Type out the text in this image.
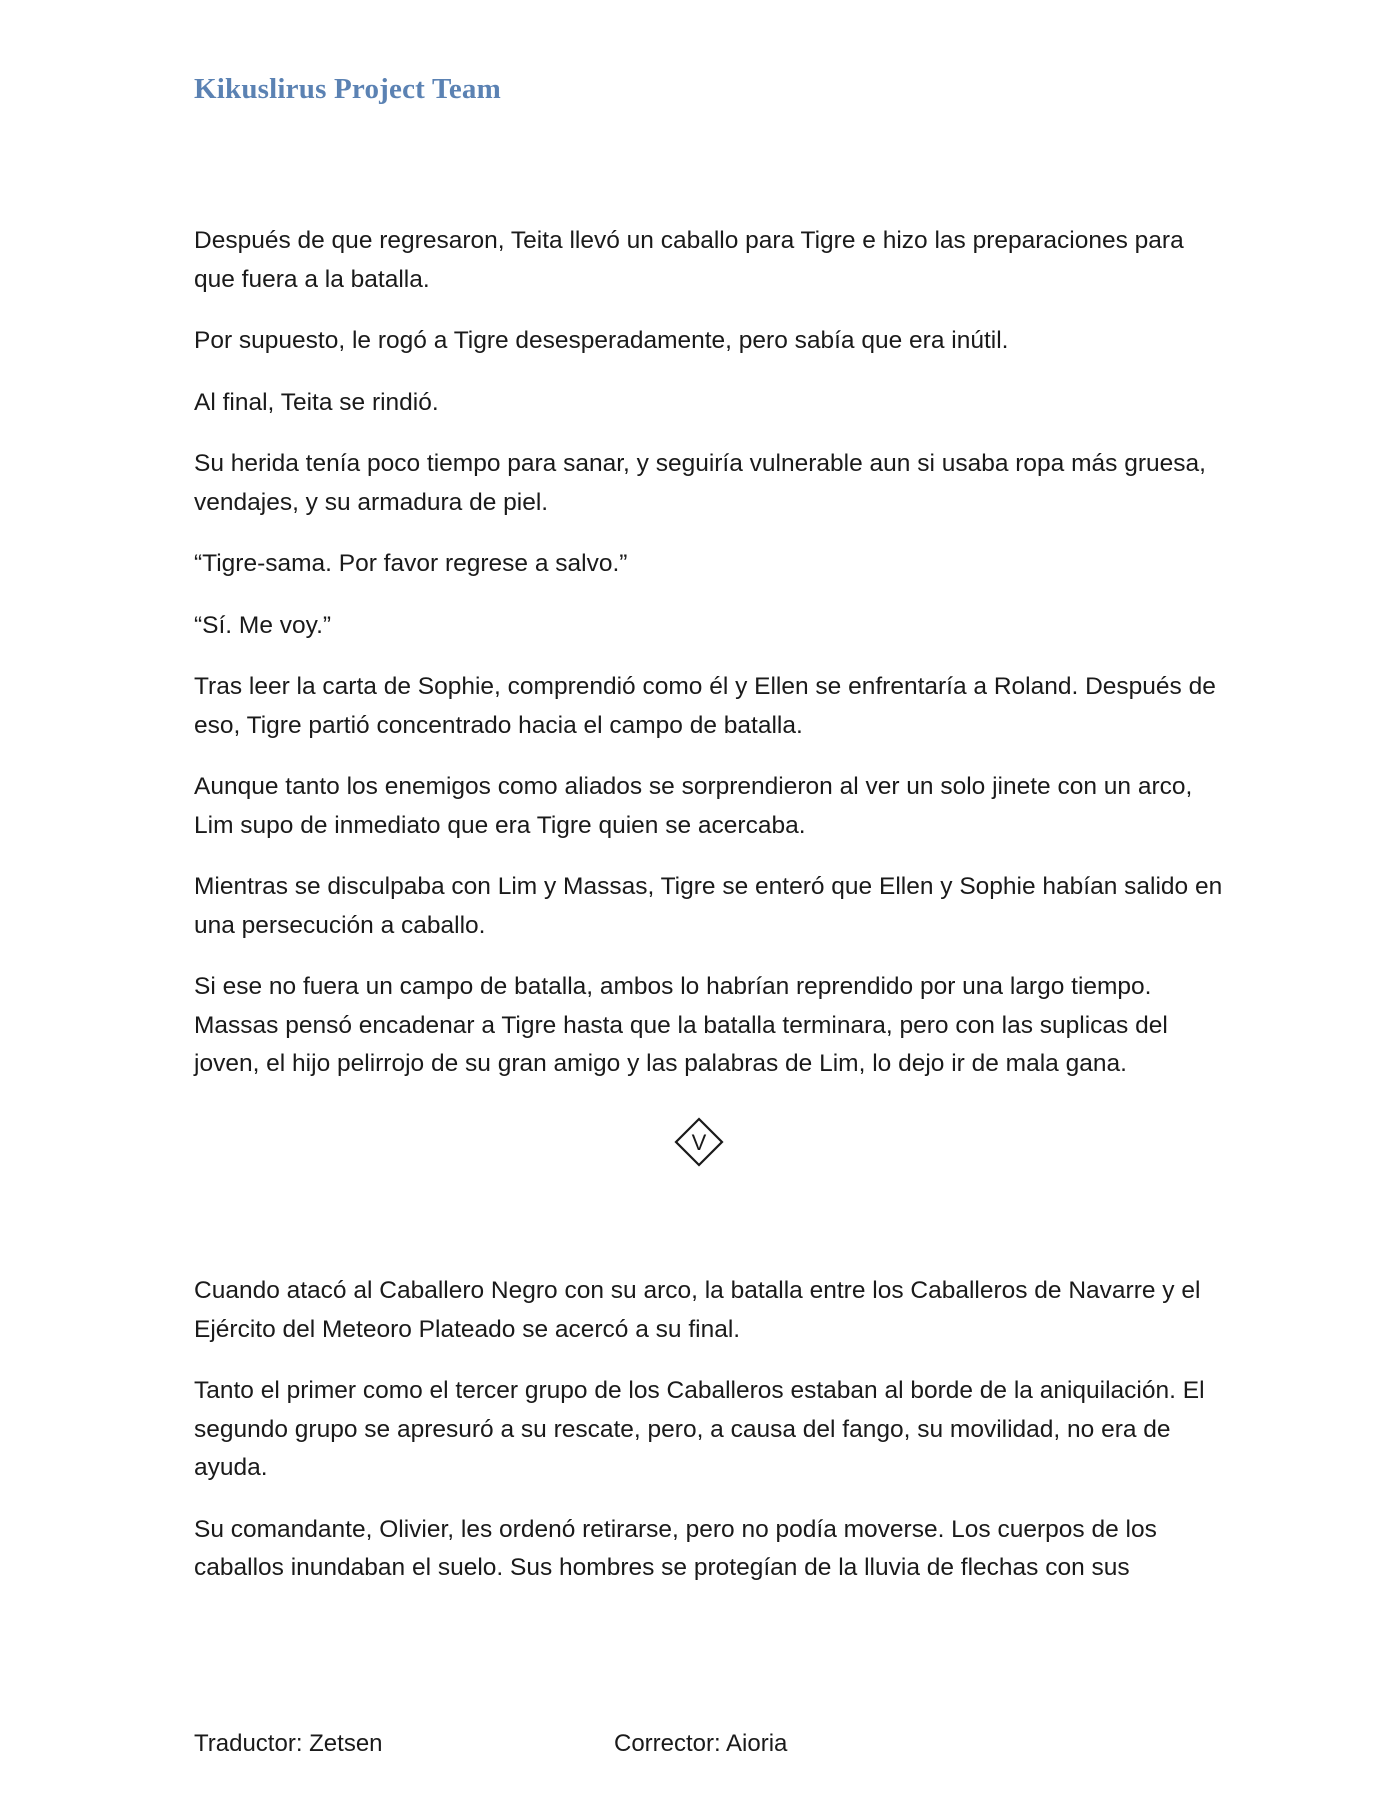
Kikuslirus Project Team

Después de que regresaron, Teita llevó un caballo para Tigre e hizo las preparaciones para que fuera a la batalla.

Por supuesto, le rogó a Tigre desesperadamente, pero sabía que era inútil.

Al final, Teita se rindió.

Su herida tenía poco tiempo para sanar, y seguiría vulnerable aun si usaba ropa más gruesa, vendajes, y su armadura de piel.

“Tigre-sama. Por favor regrese a salvo.”

“Sí. Me voy.”

Tras leer la carta de Sophie, comprendió como él y Ellen se enfrentaría a Roland. Después de eso, Tigre partió concentrado hacia el campo de batalla.

Aunque tanto los enemigos como aliados se sorprendieron al ver un solo jinete con un arco, Lim supo de inmediato que era Tigre quien se acercaba.

Mientras se disculpaba con Lim y Massas, Tigre se enteró que Ellen y Sophie habían salido en una persecución a caballo.

Si ese no fuera un campo de batalla, ambos lo habrían reprendido por una largo tiempo. Massas pensó encadenar a Tigre hasta que la batalla terminara, pero con las suplicas del joven, el hijo pelirrojo de su gran amigo y las palabras de Lim, lo dejo ir de mala gana.

V

Cuando atacó al Caballero Negro con su arco, la batalla entre los Caballeros de Navarre y el Ejército del Meteoro Plateado se acercó a su final.

Tanto el primer como el tercer grupo de los Caballeros estaban al borde de la aniquilación. El segundo grupo se apresuró a su rescate, pero, a causa del fango, su movilidad, no era de ayuda.

Su comandante, Olivier, les ordenó retirarse, pero no podía moverse. Los cuerpos de los caballos inundaban el suelo. Sus hombres se protegían de la lluvia de flechas con sus

Traductor: Zetsen	Corrector: Aioria
